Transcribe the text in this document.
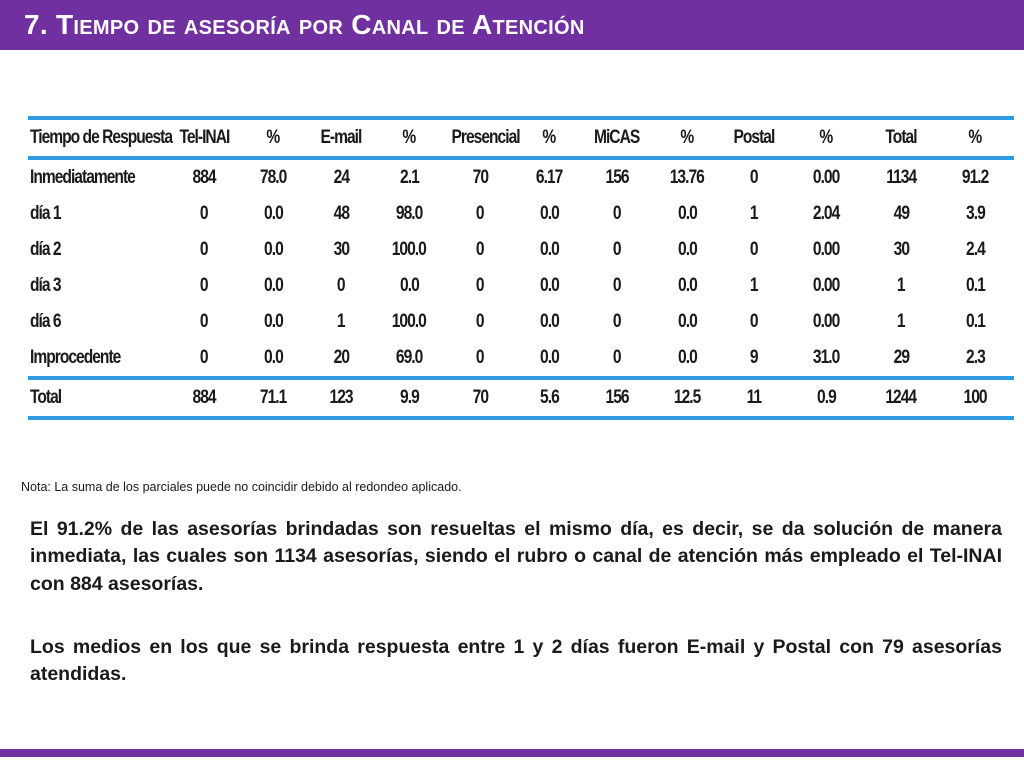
7. Tiempo de asesoría por Canal de Atención
Tiempo de Respuesta	Tel-INAI	%	E-mail	%	Presencial	%	MiCAS	%	Postal	%	Total	%
Inmediatamente	884	78.0	24	2.1	70	6.17	156	13.76	0	0.00	1134	91.2
día 1	0	0.0	48	98.0	0	0.0	0	0.0	1	2.04	49	3.9
día 2	0	0.0	30	100.0	0	0.0	0	0.0	0	0.00	30	2.4
día 3	0	0.0	0	0.0	0	0.0	0	0.0	1	0.00	1	0.1
día 6	0	0.0	1	100.0	0	0.0	0	0.0	0	0.00	1	0.1
Improcedente	0	0.0	20	69.0	0	0.0	0	0.0	9	31.0	29	2.3
Total	884	71.1	123	9.9	70	5.6	156	12.5	11	0.9	1244	100
Nota: La suma de los parciales puede no coincidir debido al redondeo aplicado.

El 91.2% de las asesorías brindadas son resueltas el mismo día, es decir, se da solución de manera inmediata, las cuales son 1134 asesorías, siendo el rubro o canal de atención más empleado el Tel-INAI con 884 asesorías.

Los medios en los que se brinda respuesta entre 1 y 2 días fueron E-mail y Postal con 79 asesorías atendidas.
